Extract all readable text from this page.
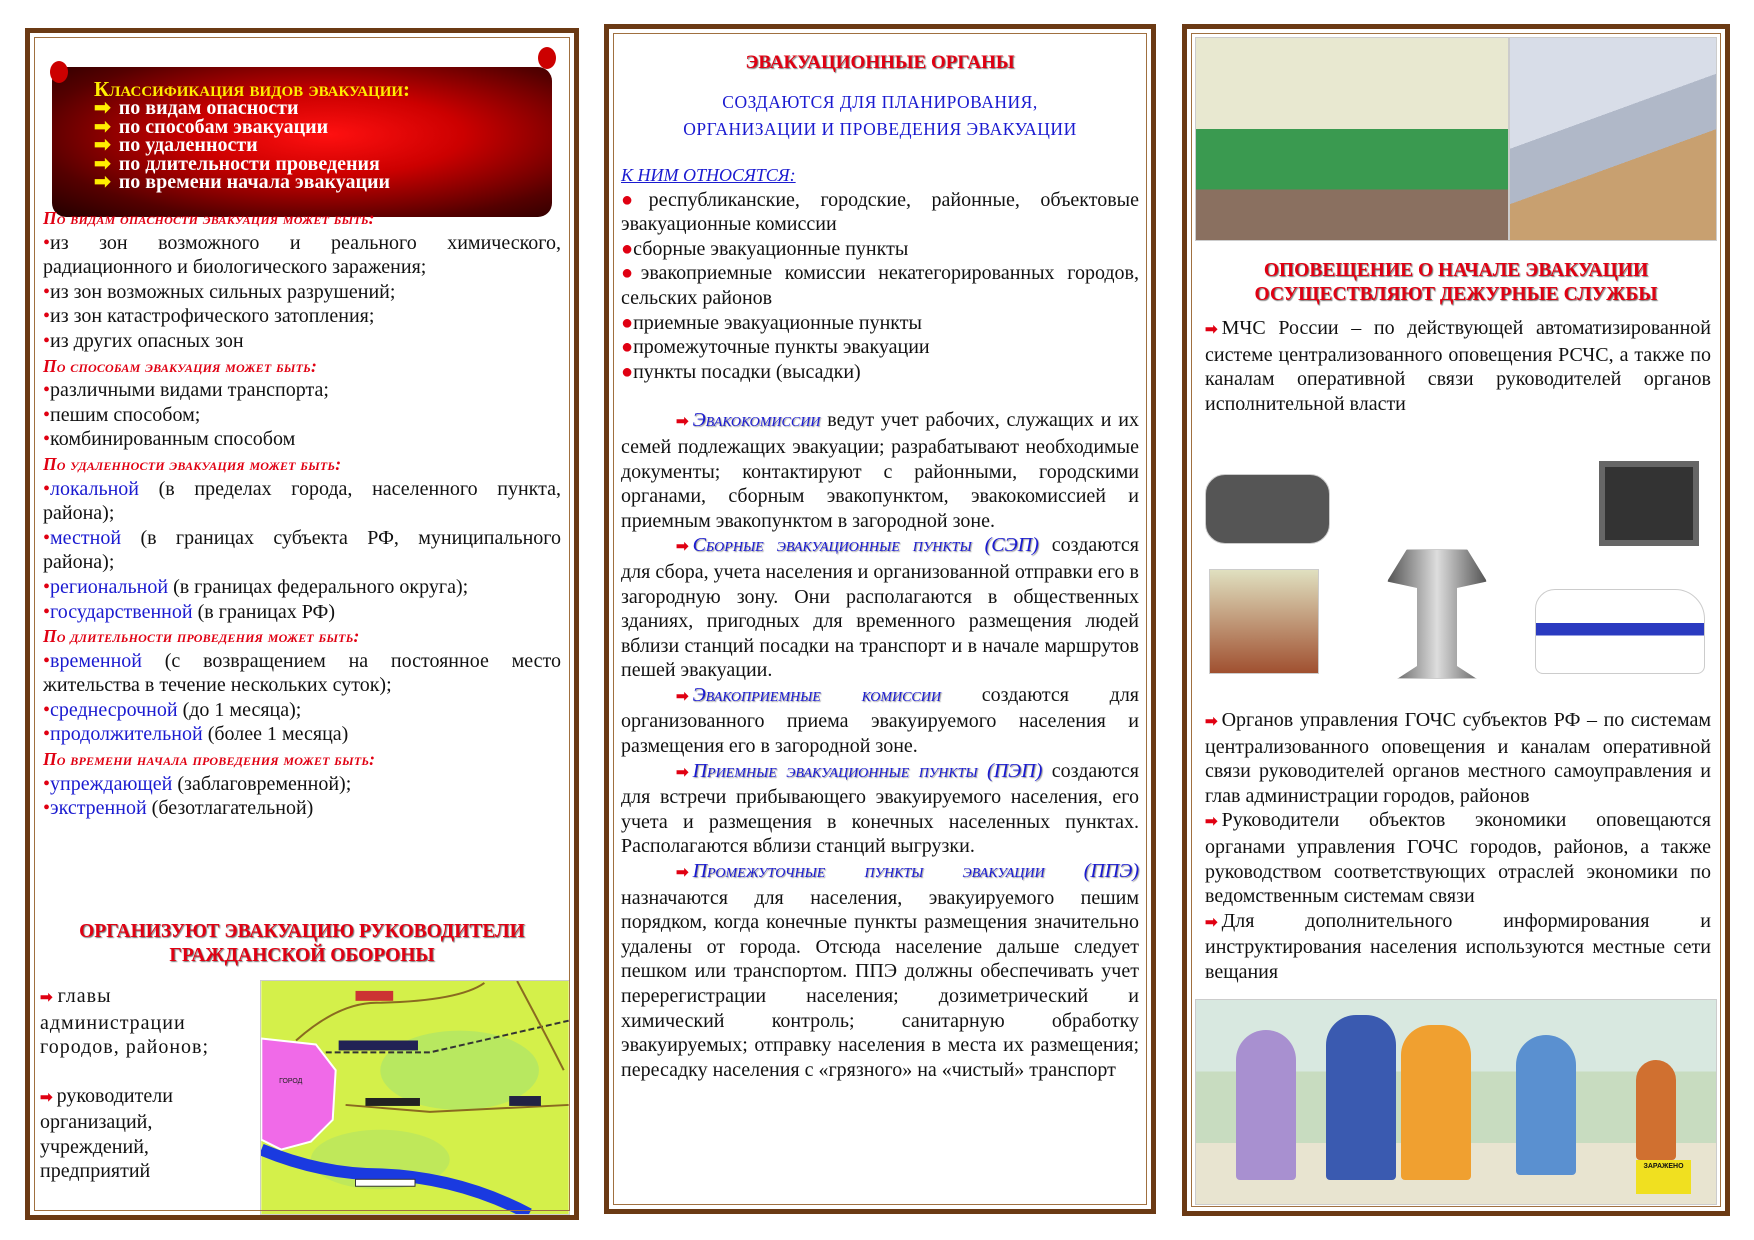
Классификация видов эвакуации:
➡ по видам опасности
➡ по способам эвакуации
➡ по удаленности
➡ по длительности проведения
➡ по времени начала эвакуации
По видам опасности эвакуация может быть:
•из зон возможного и реального химического, радиационного и биологического заражения;
•из зон возможных сильных разрушений;
•из зон катастрофического затопления;
•из других опасных зон
По способам эвакуация может быть:
•различными видами транспорта;
•пешим способом;
•комбинированным способом
По удаленности эвакуация может быть:
•локальной (в пределах города, населенного пункта, района);
•местной (в границах субъекта РФ, муниципального района);
•региональной (в границах федерального округа);
•государственной (в границах РФ)
По длительности проведения может быть:
•временной (с возвращением на постоянное место жительства в течение нескольких суток);
•среднесрочной (до 1 месяца);
•продолжительной (более 1 месяца)
По времени начала проведения может быть:
•упреждающей (заблаговременной);
•экстренной (безотлагательной)
ОРГАНИЗУЮТ ЭВАКУАЦИЮ РУКОВОДИТЕЛИ ГРАЖДАНСКОЙ ОБОРОНЫ
➡ главы администрации городов, районов;
➡ руководители организаций, учреждений, предприятий
ГОРОД
ЭВАКУАЦИОННЫЕ ОРГАНЫ
СОЗДАЮТСЯ ДЛЯ ПЛАНИРОВАНИЯ,
ОРГАНИЗАЦИИ И ПРОВЕДЕНИЯ ЭВАКУАЦИИ
К НИМ ОТНОСЯТСЯ:
●республиканские, городские, районные, объектовые эвакуационные комиссии
●сборные эвакуационные пункты
●эвакоприемные комиссии некатегорированных городов, сельских районов
●приемные эвакуационные пункты
●промежуточные пункты эвакуации
●пункты посадки (высадки)
➡ Эвакокомиссии ведут учет рабочих, служащих и их семей подлежащих эвакуации; разрабатывают необходимые документы; контактируют с районными, городскими органами, сборным эвакопунктом, эвакокомиссией и приемным эвакопунктом в загородной зоне.
➡ Сборные эвакуационные пункты (СЭП) создаются для сбора, учета населения и организованной отправки его в загородную зону. Они располагаются в общественных зданиях, пригодных для временного размещения людей вблизи станций посадки на транспорт и в начале маршрутов пешей эвакуации.
➡ Эвакоприемные комиссии создаются для организованного приема эвакуируемого населения и размещения его в загородной зоне.
➡ Приемные эвакуационные пункты (ПЭП) создаются для встречи прибывающего эвакуируемого населения, его учета и размещения в конечных населенных пунктах. Располагаются вблизи станций выгрузки.
➡ Промежуточные пункты эвакуации (ППЭ) назначаются для населения, эвакуируемого пешим порядком, когда конечные пункты размещения значительно удалены от города. Отсюда население дальше следует пешком или транспортом. ППЭ должны обеспечивать учет перерегистрации населения; дозиметрический и химический контроль; санитарную обработку эвакуируемых; отправку населения в места их размещения; пересадку населения с «грязного» на «чистый» транспорт
ОПОВЕЩЕНИЕ О НАЧАЛЕ ЭВАКУАЦИИ
ОСУЩЕСТВЛЯЮТ ДЕЖУРНЫЕ СЛУЖБЫ
➡ МЧС России – по действующей автоматизированной системе централизованного оповещения РСЧС, а также по каналам оперативной связи руководителей органов исполнительной власти
➡ Органов управления ГОЧС субъектов РФ – по системам централизованного оповещения и каналам оперативной связи руководителей органов местного самоуправления и глав администрации городов, районов
➡ Руководители объектов экономики оповещаются органами управления ГОЧС городов, районов, а также руководством соответствующих отраслей экономики по ведомственным системам связи
➡ Для дополнительного информирования и инструктирования населения используются местные сети вещания
ЗАРАЖЕНО
